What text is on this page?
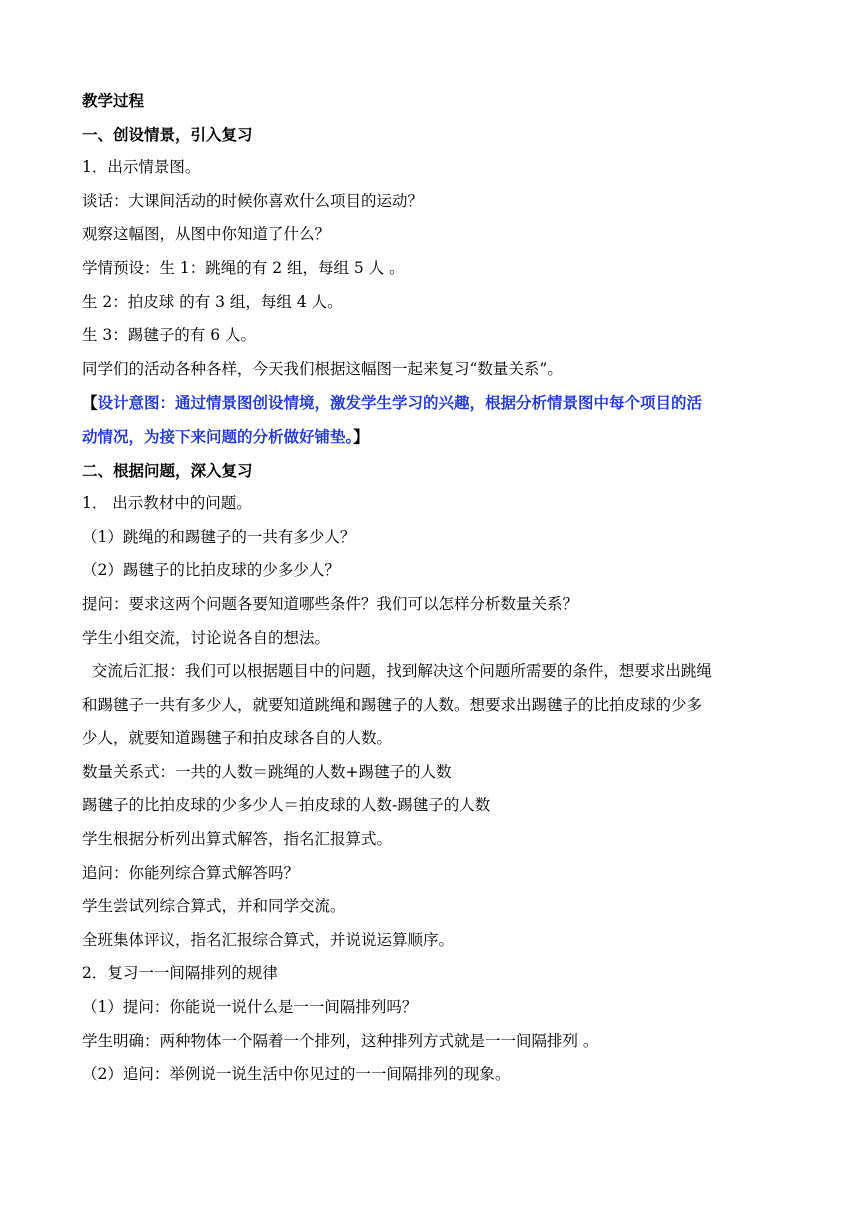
教学过程
一、创设情景，引入复习
1．出示情景图。
谈话：大课间活动的时候你喜欢什么项目的运动？
观察这幅图，从图中你知道了什么？
学情预设：生 1：跳绳的有 2 组，每组 5 人 。
生 2：拍皮球 的有 3 组，每组 4 人。
生 3：踢毽子的有 6 人。
同学们的活动各种各样，今天我们根据这幅图一起来复习“数量关系”。
【设计意图：通过情景图创设情境，激发学生学习的兴趣，根据分析情景图中每个项目的活
动情况，为接下来问题的分析做好铺垫。】
二、根据问题，深入复习
1． 出示教材中的问题。
（1）跳绳的和踢毽子的一共有多少人？
（2）踢毽子的比拍皮球的少多少人？
提问：要求这两个问题各要知道哪些条件？我们可以怎样分析数量关系？
学生小组交流，讨论说各自的想法。
交流后汇报：我们可以根据题目中的问题，找到解决这个问题所需要的条件，想要求出跳绳
和踢毽子一共有多少人，就要知道跳绳和踢毽子的人数。想要求出踢毽子的比拍皮球的少多
少人，就要知道踢毽子和拍皮球各自的人数。
数量关系式：一共的人数＝跳绳的人数+踢毽子的人数
踢毽子的比拍皮球的少多少人＝拍皮球的人数-踢毽子的人数
学生根据分析列出算式解答，指名汇报算式。
追问：你能列综合算式解答吗？
学生尝试列综合算式，并和同学交流。
全班集体评议，指名汇报综合算式，并说说运算顺序。
2．复习一一间隔排列的规律
（1）提问：你能说一说什么是一一间隔排列吗？
学生明确：两种物体一个隔着一个排列，这种排列方式就是一一间隔排列 。
（2）追问：举例说一说生活中你见过的一一间隔排列的现象。
